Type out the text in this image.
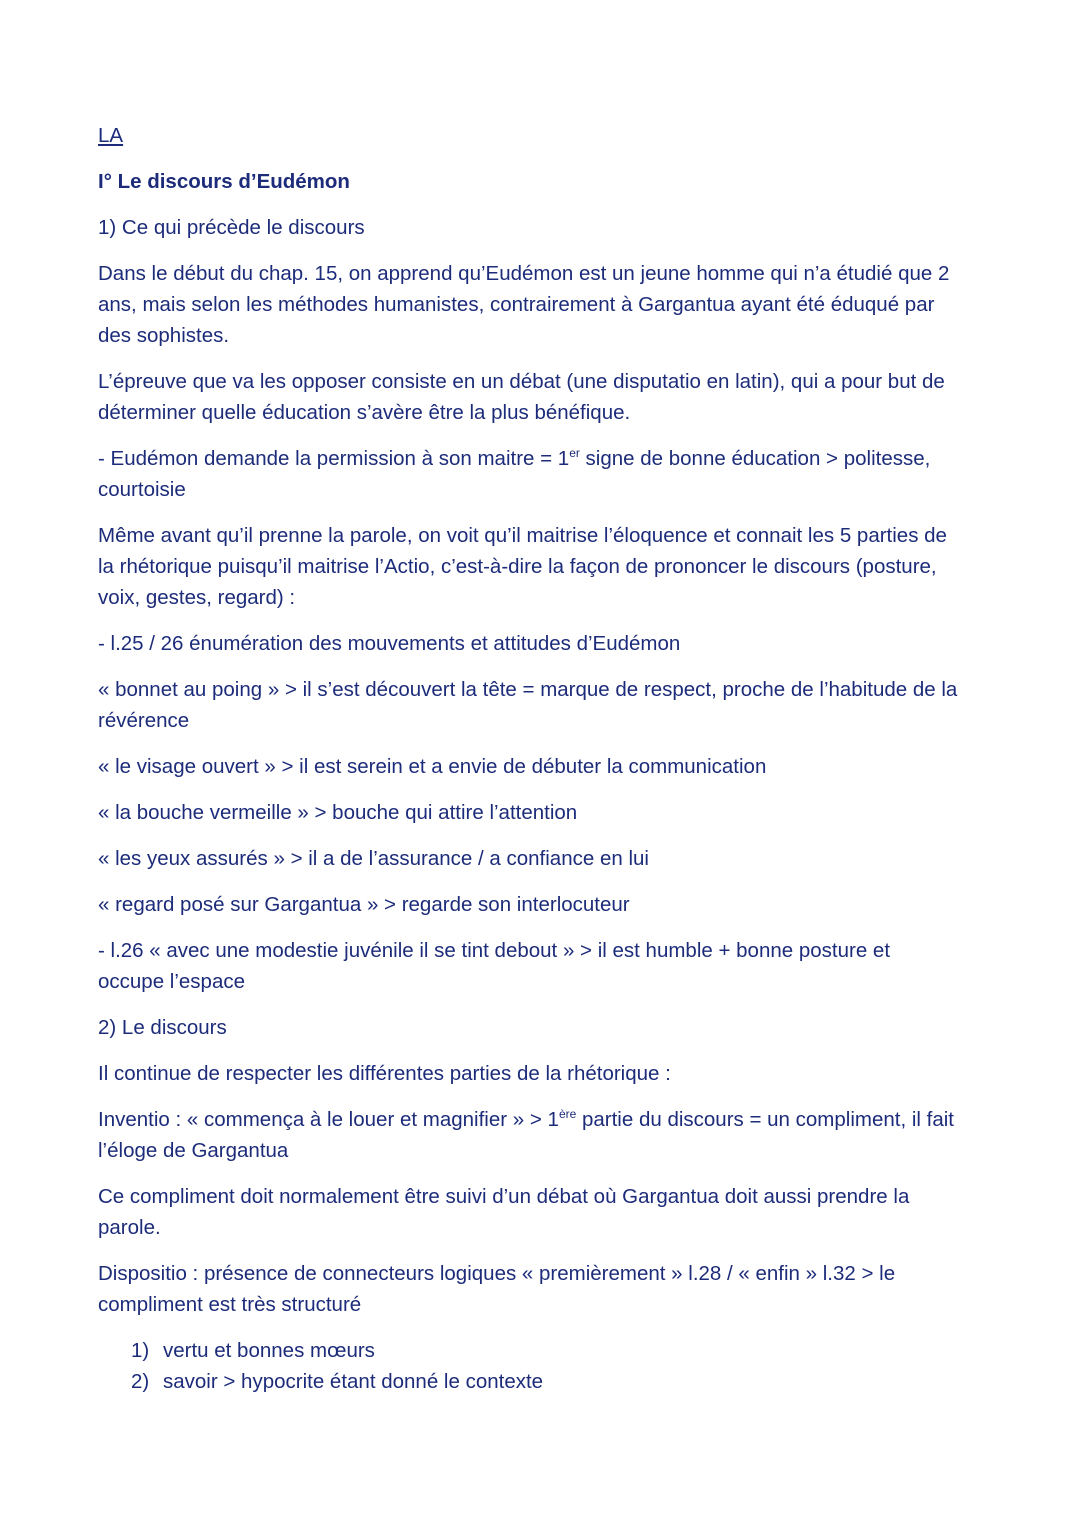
LA

I° Le discours d’Eudémon

1) Ce qui précède le discours

Dans le début du chap. 15, on apprend qu’Eudémon est un jeune homme qui n’a étudié que 2 ans, mais selon les méthodes humanistes, contrairement à Gargantua ayant été éduqué par des sophistes.

L’épreuve que va les opposer consiste en un débat (une disputatio en latin), qui a pour but de déterminer quelle éducation s’avère être la plus bénéfique.

- Eudémon demande la permission à son maitre = 1er signe de bonne éducation > politesse, courtoisie

Même avant qu’il prenne la parole, on voit qu’il maitrise l’éloquence et connait les 5 parties de la rhétorique puisqu’il maitrise l’Actio, c’est-à-dire la façon de prononcer le discours (posture, voix, gestes, regard) :

- l.25 / 26 énumération des mouvements et attitudes d’Eudémon

« bonnet au poing » > il s’est découvert la tête = marque de respect, proche de l’habitude de la révérence

« le visage ouvert » > il est serein et a envie de débuter la communication

« la bouche vermeille » > bouche qui attire l’attention

« les yeux assurés » > il a de l’assurance / a confiance en lui

« regard posé sur Gargantua » > regarde son interlocuteur

- l.26 « avec une modestie juvénile il se tint debout » > il est humble + bonne posture et occupe l’espace

2) Le discours

Il continue de respecter les différentes parties de la rhétorique :

Inventio : « commença à le louer et magnifier » > 1ère partie du discours = un compliment, il fait l’éloge de Gargantua

Ce compliment doit normalement être suivi d’un débat où Gargantua doit aussi prendre la parole.

Dispositio : présence de connecteurs logiques « premièrement » l.28 / « enfin » l.32 > le compliment est très structuré

1) vertu et bonnes mœurs
2) savoir > hypocrite étant donné le contexte
